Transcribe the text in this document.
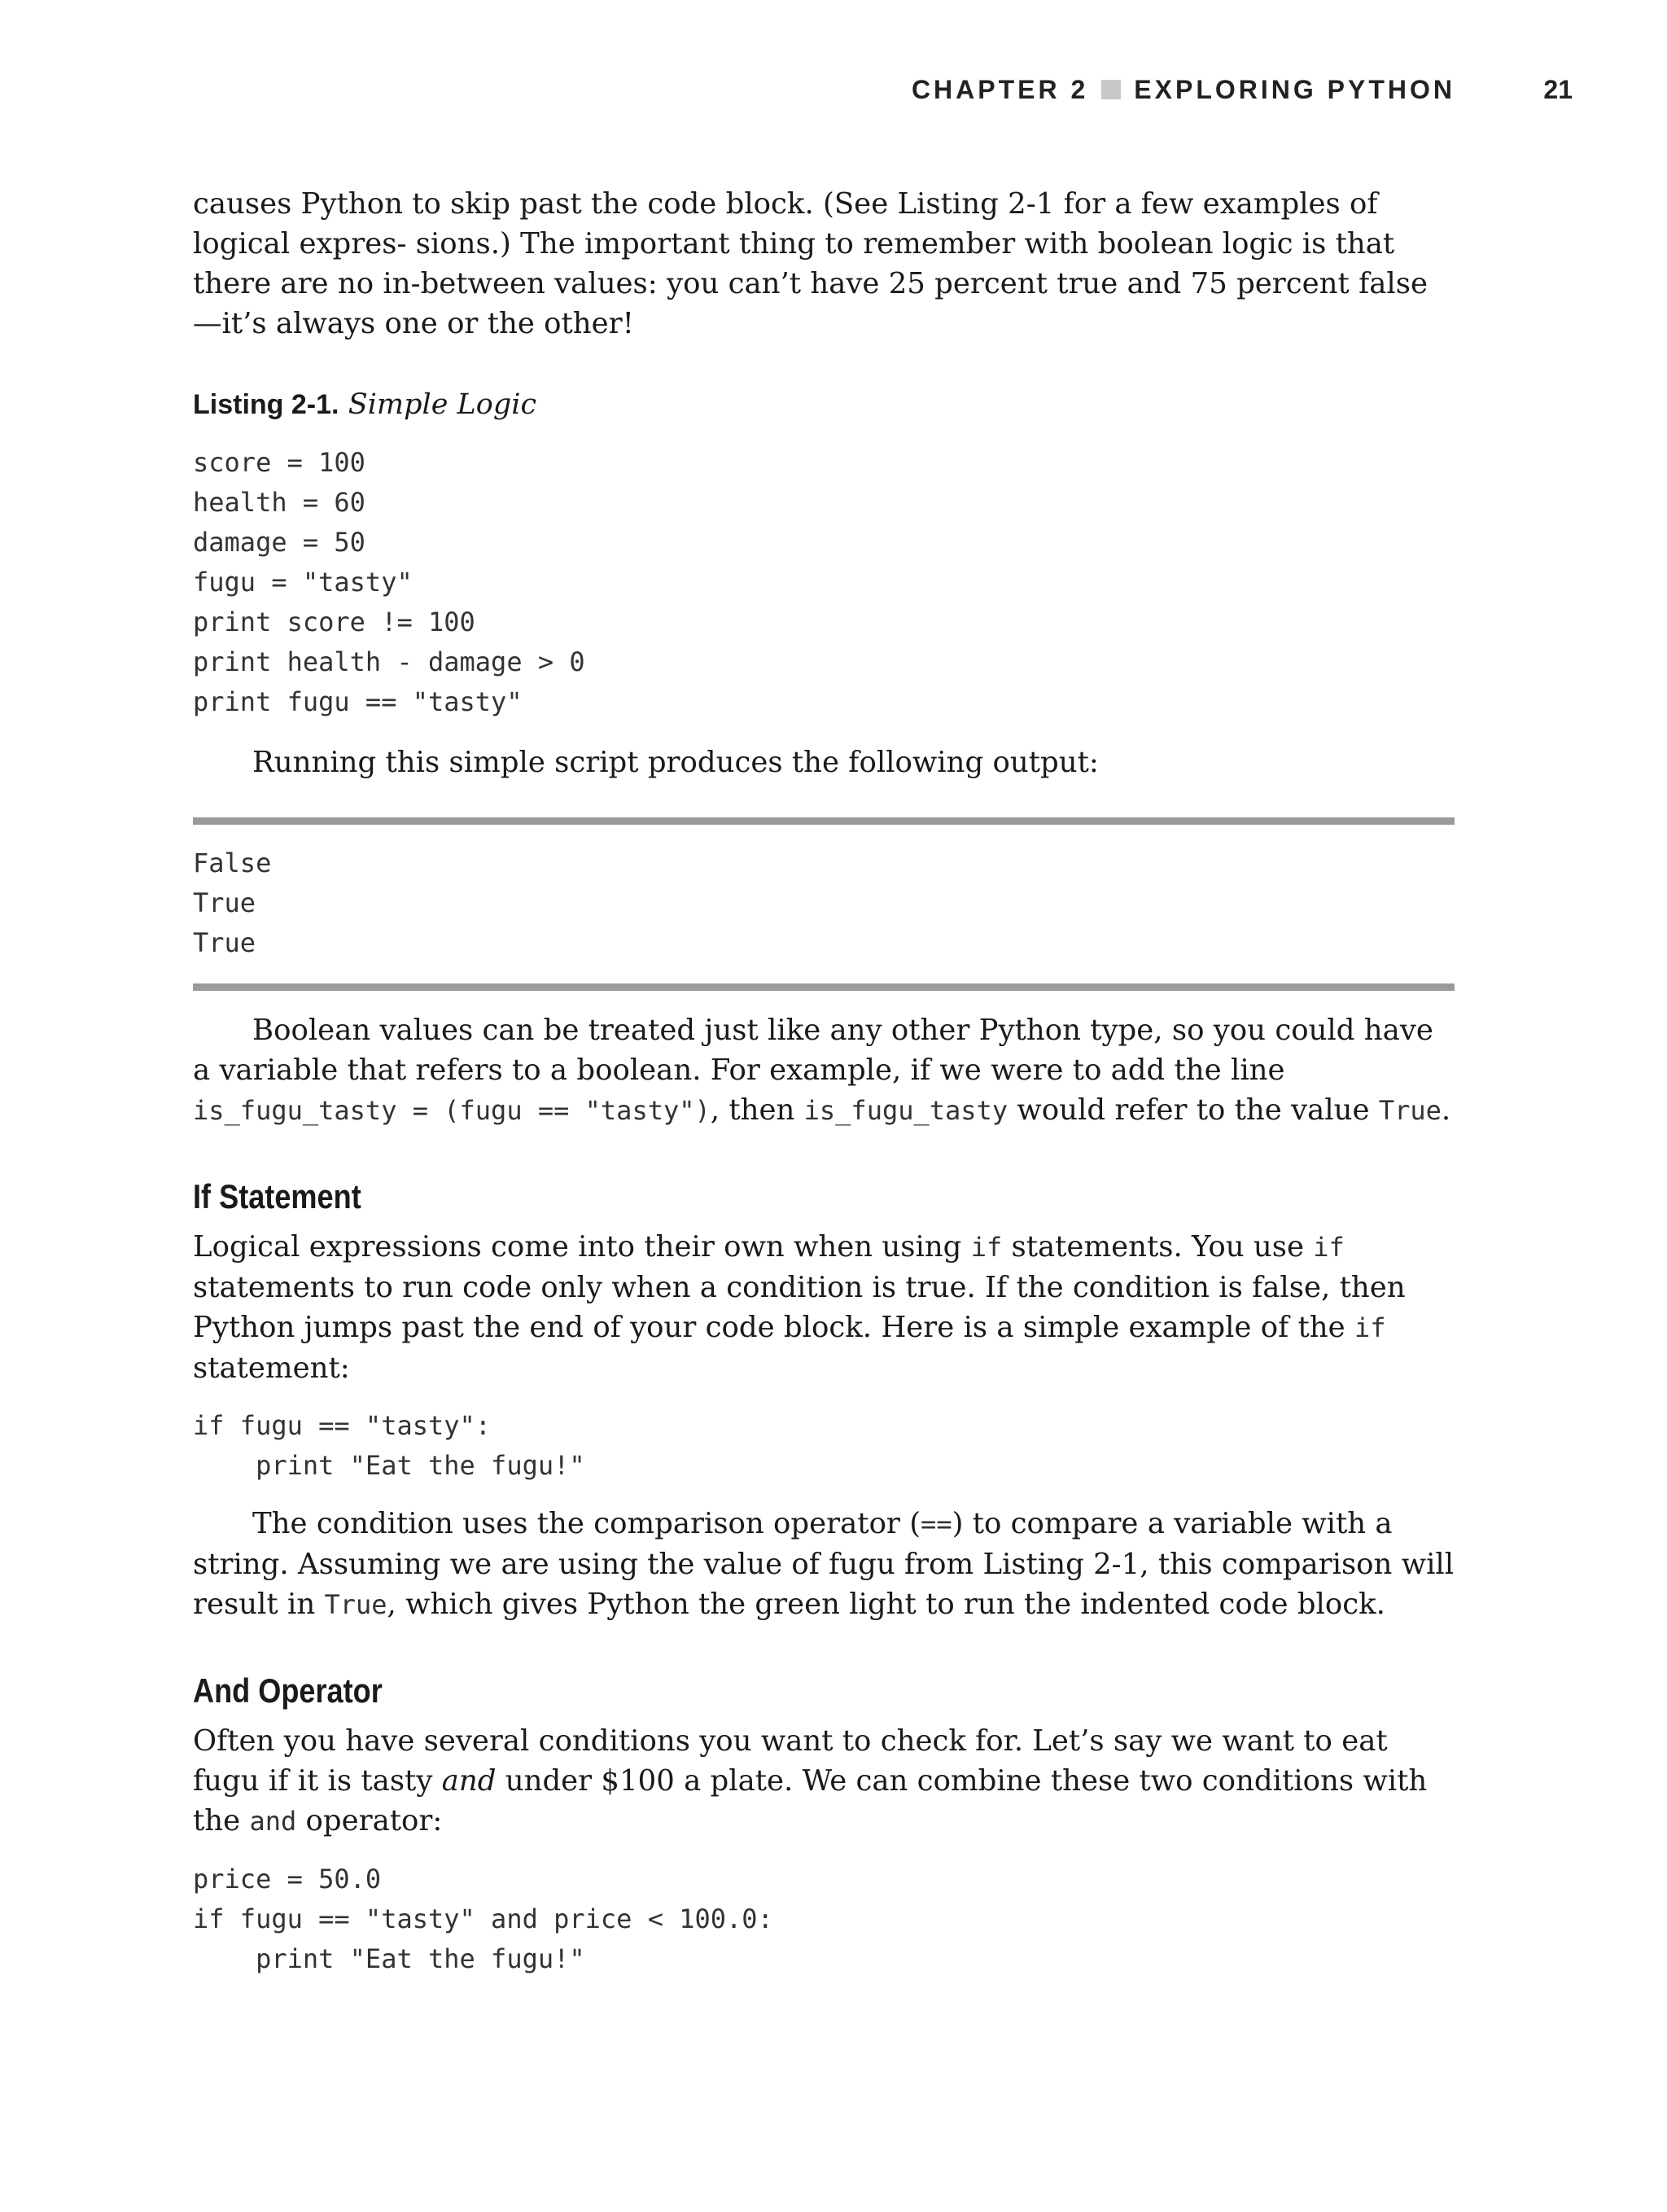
CHAPTER 2 EXPLORING PYTHON	21

causes Python to skip past the code block. (See Listing 2-1 for a few examples of logical expres- sions.) The important thing to remember with boolean logic is that there are no in-between values: you can’t have 25 percent true and 75 percent false—it’s always one or the other!

Listing 2-1. Simple Logic
score = 100
health = 60
damage = 50
fugu = "tasty"
print score != 100
print health - damage > 0
print fugu == "tasty"

Running this simple script produces the following output:

False
True
True

Boolean values can be treated just like any other Python type, so you could have a variable that refers to a boolean. For example, if we were to add the line is_fugu_tasty = (fugu == "tasty"), then is_fugu_tasty would refer to the value True.

If Statement

Logical expressions come into their own when using if statements. You use if statements to run code only when a condition is true. If the condition is false, then Python jumps past the end of your code block. Here is a simple example of the if statement:

if fugu == "tasty":
print "Eat the fugu!"

The condition uses the comparison operator (==) to compare a variable with a string. Assuming we are using the value of fugu from Listing 2-1, this comparison will result in True, which gives Python the green light to run the indented code block.

And Operator

Often you have several conditions you want to check for. Let’s say we want to eat fugu if it is tasty and under $100 a plate. We can combine these two conditions with the and operator:

price = 50.0
if fugu == "tasty" and price < 100.0:
print "Eat the fugu!"
